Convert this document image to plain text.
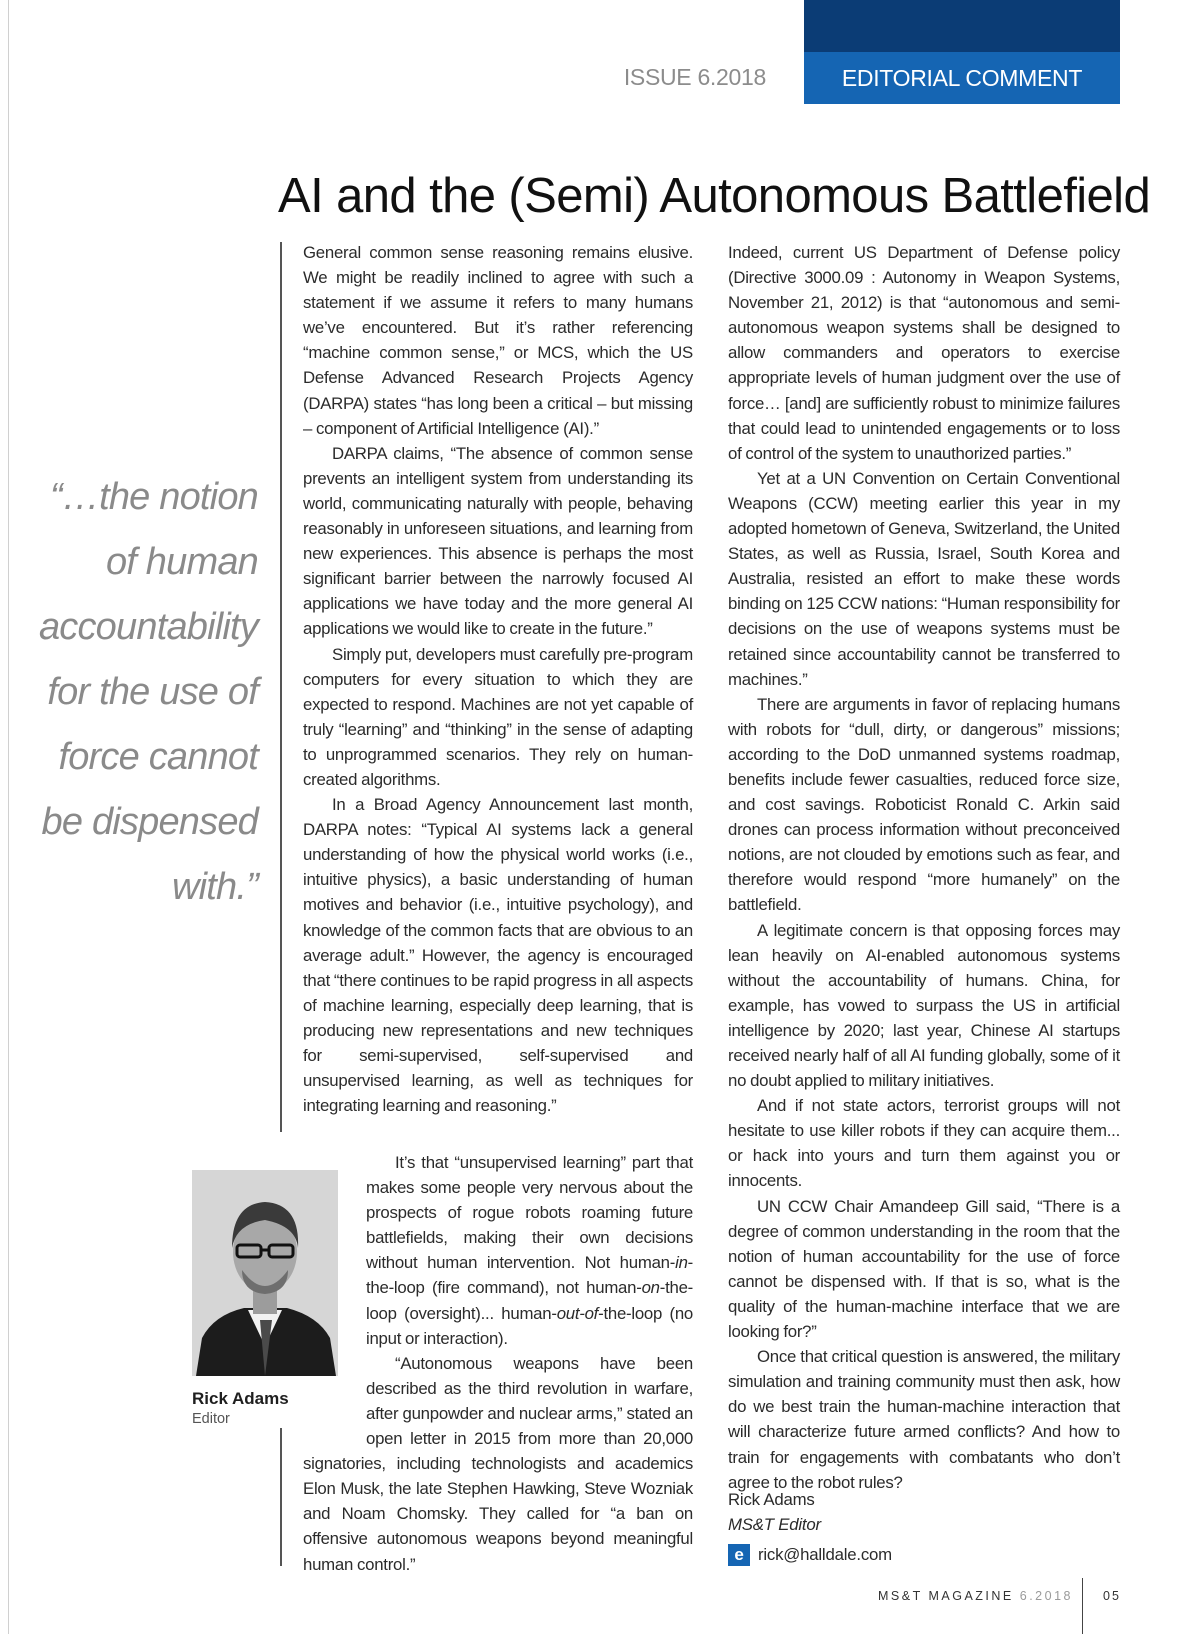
EDITORIAL COMMENT
ISSUE 6.2018
AI and the (Semi) Autonomous Battlefield

“…the notion of human accountability for the use of force cannot be dispensed with.”

General common sense reasoning remains elusive. We might be readily inclined to agree with such a statement if we assume it refers to many humans we’ve encountered. But it’s rather referencing “machine common sense,” or MCS, which the US Defense Advanced Research Projects Agency (DARPA) states “has long been a critical – but missing – component of Artificial Intelligence (AI).”

DARPA claims, “The absence of common sense prevents an intelligent system from understanding its world, communicating naturally with people, behaving reasonably in unforeseen situations, and learning from new experiences. This absence is perhaps the most significant barrier between the narrowly focused AI applications we have today and the more general AI applications we would like to create in the future.”

Simply put, developers must carefully pre-program computers for every situation to which they are expected to respond. Machines are not yet capable of truly “learning” and “thinking” in the sense of adapting to unprogrammed scenarios. They rely on human-created algorithms.

In a Broad Agency Announcement last month, DARPA notes: “Typical AI systems lack a general understanding of how the physical world works (i.e., intuitive physics), a basic understanding of human motives and behavior (i.e., intuitive psychology), and knowledge of the common facts that are obvious to an average adult.” However, the agency is encouraged that “there continues to be rapid progress in all aspects of machine learning, especially deep learning, that is producing new representations and new techniques for semi-supervised, self-supervised and unsupervised learning, as well as techniques for integrating learning and reasoning.”

It’s that “unsupervised learning” part that makes some people very nervous about the prospects of rogue robots roaming future battlefields, making their own decisions without human intervention. Not human-in-the-loop (fire command), not human-on-the-loop (oversight)... human-out-of-the-loop (no input or interaction).

“Autonomous weapons have been described as the third revolution in warfare, after gunpowder and nuclear arms,” stated an open letter in 2015 from more than 20,000 signatories, including technologists and academics Elon Musk, the late Stephen Hawking, Steve Wozniak and Noam Chomsky. They called for “a ban on offensive autonomous weapons beyond meaningful human control.”

Rick Adams
Editor

Indeed, current US Department of Defense policy (Directive 3000.09 : Autonomy in Weapon Systems, November 21, 2012) is that “autonomous and semi-autonomous weapon systems shall be designed to allow commanders and operators to exercise appropriate levels of human judgment over the use of force… [and] are sufficiently robust to minimize failures that could lead to unintended engagements or to loss of control of the system to unauthorized parties.”

Yet at a UN Convention on Certain Conventional Weapons (CCW) meeting earlier this year in my adopted hometown of Geneva, Switzerland, the United States, as well as Russia, Israel, South Korea and Australia, resisted an effort to make these words binding on 125 CCW nations: “Human responsibility for decisions on the use of weapons systems must be retained since accountability cannot be transferred to machines.”

There are arguments in favor of replacing humans with robots for “dull, dirty, or dangerous” missions; according to the DoD unmanned systems roadmap, benefits include fewer casualties, reduced force size, and cost savings. Roboticist Ronald C. Arkin said drones can process information without preconceived notions, are not clouded by emotions such as fear, and therefore would respond “more humanely” on the battlefield.

A legitimate concern is that opposing forces may lean heavily on AI-enabled autonomous systems without the accountability of humans. China, for example, has vowed to surpass the US in artificial intelligence by 2020; last year, Chinese AI startups received nearly half of all AI funding globally, some of it no doubt applied to military initiatives.

And if not state actors, terrorist groups will not hesitate to use killer robots if they can acquire them... or hack into yours and turn them against you or innocents.

UN CCW Chair Amandeep Gill said, “There is a degree of common understanding in the room that the notion of human accountability for the use of force cannot be dispensed with. If that is so, what is the quality of the human-machine interface that we are looking for?”

Once that critical question is answered, the military simulation and training community must then ask, how do we best train the human-machine interaction that will characterize future armed conflicts? And how to train for engagements with combatants who don’t agree to the robot rules?

Rick Adams
MS&T Editor
e rick@halldale.com
MS&T MAGAZINE 6.2018 05
